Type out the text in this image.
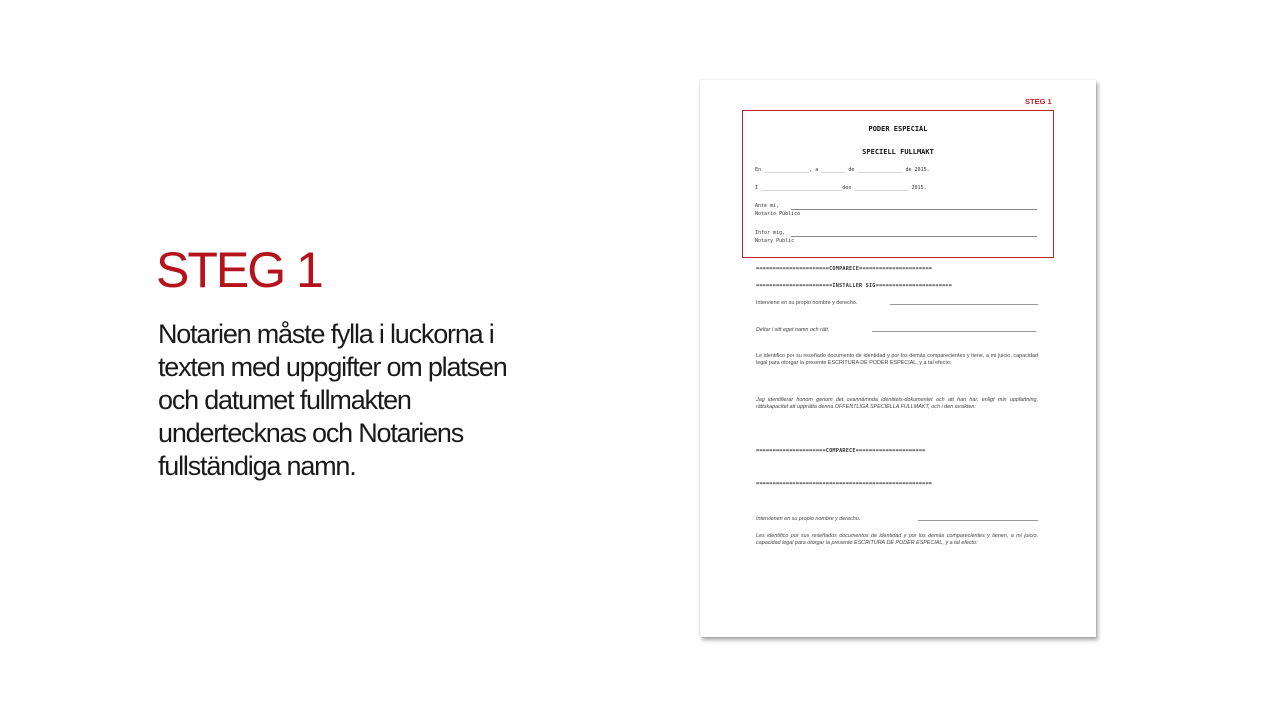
STEG 1

Notarien måste fylla i luckorna i
texten med uppgifter om platsen
och datumet fullmakten
undertecknas och Notariens
fullständiga namn.

STEG 1
PODER ESPECIAL
SPECIELL FULLMAKT
En _______________, a ________ de _______________ de 2015.
I ___________________________den __________________ 2015.
Ante mi,
Notario Público
Infor mig,
Notary Public
======================COMPARECE======================
=======================INSTÄLLER SIG=======================
Interviene en su propio nombre y derecho.
Deltar i sitt eget namn och rätt.
Le identifico por su reseñado documento de identidad y por los demás comparecientes y tiene, a mi juicio, capacidad legal para otorgar la presente ESCRITURA DE PODER ESPECIAL, y a tal efecto:
Jag identifierar honom genom det ovannämnda identitets-dokumentet och att han har, enligt min uppfattning, rättskapacitet att upprätta denna OFFENTLIGA SPECIELLA FULLMAKT, och i den avsikten:
=====================COMPARECE=====================
=====================================================
Intervienen en su propio nombre y derecho.
Les identifico por sus reseñados documentos de identidad y por los demás comparecientes y tienen, a mi juicio, capacidad legal para otorgar la presente ESCRITURA DE PODER ESPECIAL, y a tal efecto:
